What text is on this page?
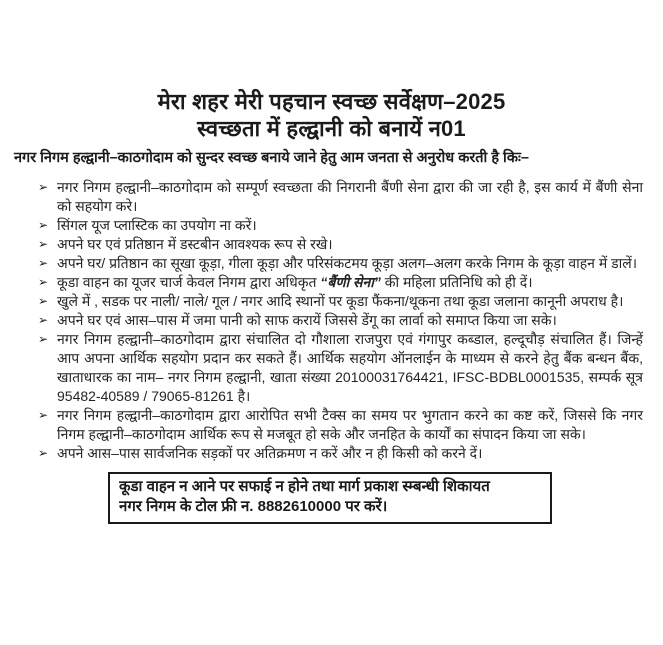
मेरा शहर मेरी पहचान स्वच्छ सर्वेक्षण–2025
स्वच्छता में हल्द्वानी को बनायें न01

नगर निगम हल्द्वानी–काठगोदाम को सुन्दर स्वच्छ बनाये जाने हेतु आम जनता से अनुरोध करती है किः–

➢ नगर निगम हल्द्वानी–काठगोदाम को सम्पूर्ण स्वच्छता की निगरानी बैंणी सेना द्वारा की जा रही है, इस कार्य में बैंणी सेना को सहयोग करे।
➢ सिंगल यूज प्लास्टिक का उपयोग ना करें।
➢ अपने घर एवं प्रतिष्ठान में डस्टबीन आवश्यक रूप से रखे।
➢ अपने घर/ प्रतिष्ठान का सूखा कूड़ा, गीला कूड़ा और परिसंकटमय कूड़ा अलग–अलग करके निगम के कूड़ा वाहन में डालें।
➢ कूडा वाहन का यूजर चार्ज केवल निगम द्वारा अधिकृत “बैंणी सेना” की महिला प्रतिनिधि को ही दें।
➢ खुले में , सडक पर नाली/ नाले/ गूल / नगर आदि स्थानों पर कूडा फैंकना/थूकना तथा कूडा जलाना कानूनी अपराध है।
➢ अपने घर एवं आस–पास में जमा पानी को साफ करायें जिससे डेंगू का लार्वा को समाप्त किया जा सके।
➢ नगर निगम हल्द्वानी–काठगोदाम द्वारा संचालित दो गौशाला राजपुरा एवं गंगापुर कब्डाल, हल्दूचौड़ संचालित हैं। जिन्हें आप अपना आर्थिक सहयोग प्रदान कर सकते हैं। आर्थिक सहयोग ऑनलाईन के माध्यम से करने हेतु बैंक बन्धन बैंक, खाताधारक का नाम– नगर निगम हल्द्वानी, खाता संख्या 20100031764421, IFSC-BDBL0001535, सम्पर्क सूत्र 95482-40589 / 79065-81261 है।
➢ नगर निगम हल्द्वानी–काठगोदाम द्वारा आरोपित सभी टैक्स का समय पर भुगतान करने का कष्ट करें, जिससे कि नगर निगम हल्द्वानी–काठगोदाम आर्थिक रूप से मजबूत हो सके और जनहित के कार्यों का संपादन किया जा सके।
➢ अपने आस–पास सार्वजनिक सड़कों पर अतिक्रमण न करें और न ही किसी को करने दें।
कूडा वाहन न आने पर सफाई न होने तथा मार्ग प्रकाश स्म्बन्धी शिकायत
नगर निगम के टोल फ्री न. 8882610000 पर करें।
